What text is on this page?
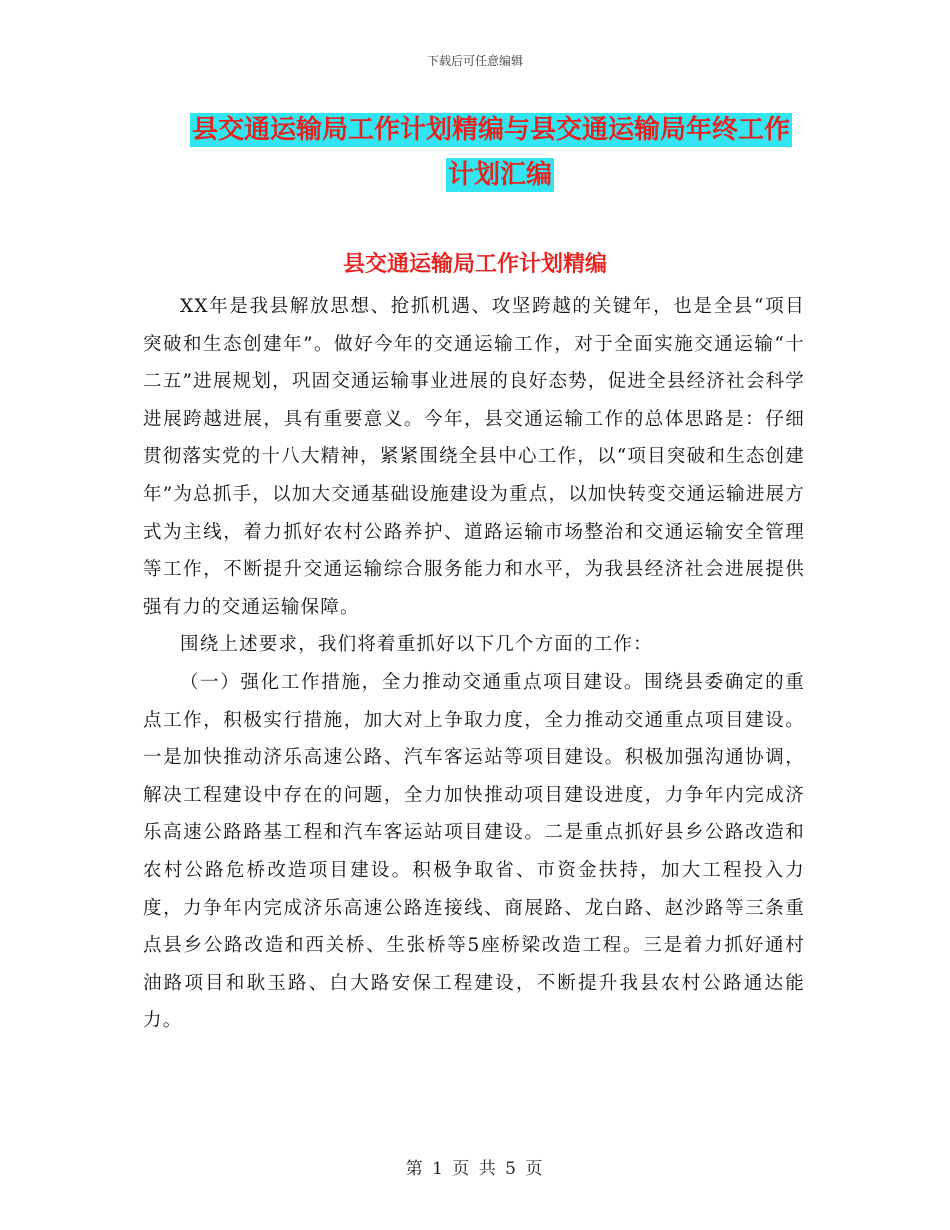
下载后可任意编辑
县交通运输局工作计划精编与县交通运输局年终工作
计划汇编
县交通运输局工作计划精编

XX年是我县解放思想、抢抓机遇、攻坚跨越的关键年，也是全县“项目突破和生态创建年”。做好今年的交通运输工作，对于全面实施交通运输“十二五”进展规划，巩固交通运输事业进展的良好态势，促进全县经济社会科学进展跨越进展，具有重要意义。今年，县交通运输工作的总体思路是：仔细贯彻落实党的十八大精神，紧紧围绕全县中心工作，以“项目突破和生态创建年”为总抓手，以加大交通基础设施建设为重点，以加快转变交通运输进展方式为主线，着力抓好农村公路养护、道路运输市场整治和交通运输安全管理等工作，不断提升交通运输综合服务能力和水平，为我县经济社会进展提供强有力的交通运输保障。

围绕上述要求，我们将着重抓好以下几个方面的工作：

（一）强化工作措施，全力推动交通重点项目建设。围绕县委确定的重点工作，积极实行措施，加大对上争取力度，全力推动交通重点项目建设。一是加快推动济乐高速公路、汽车客运站等项目建设。积极加强沟通协调，解决工程建设中存在的问题，全力加快推动项目建设进度，力争年内完成济乐高速公路路基工程和汽车客运站项目建设。二是重点抓好县乡公路改造和农村公路危桥改造项目建设。积极争取省、市资金扶持，加大工程投入力度，力争年内完成济乐高速公路连接线、商展路、龙白路、赵沙路等三条重点县乡公路改造和西关桥、生张桥等5座桥梁改造工程。三是着力抓好通村油路项目和耿玉路、白大路安保工程建设，不断提升我县农村公路通达能力。

第 1 页 共 5 页
